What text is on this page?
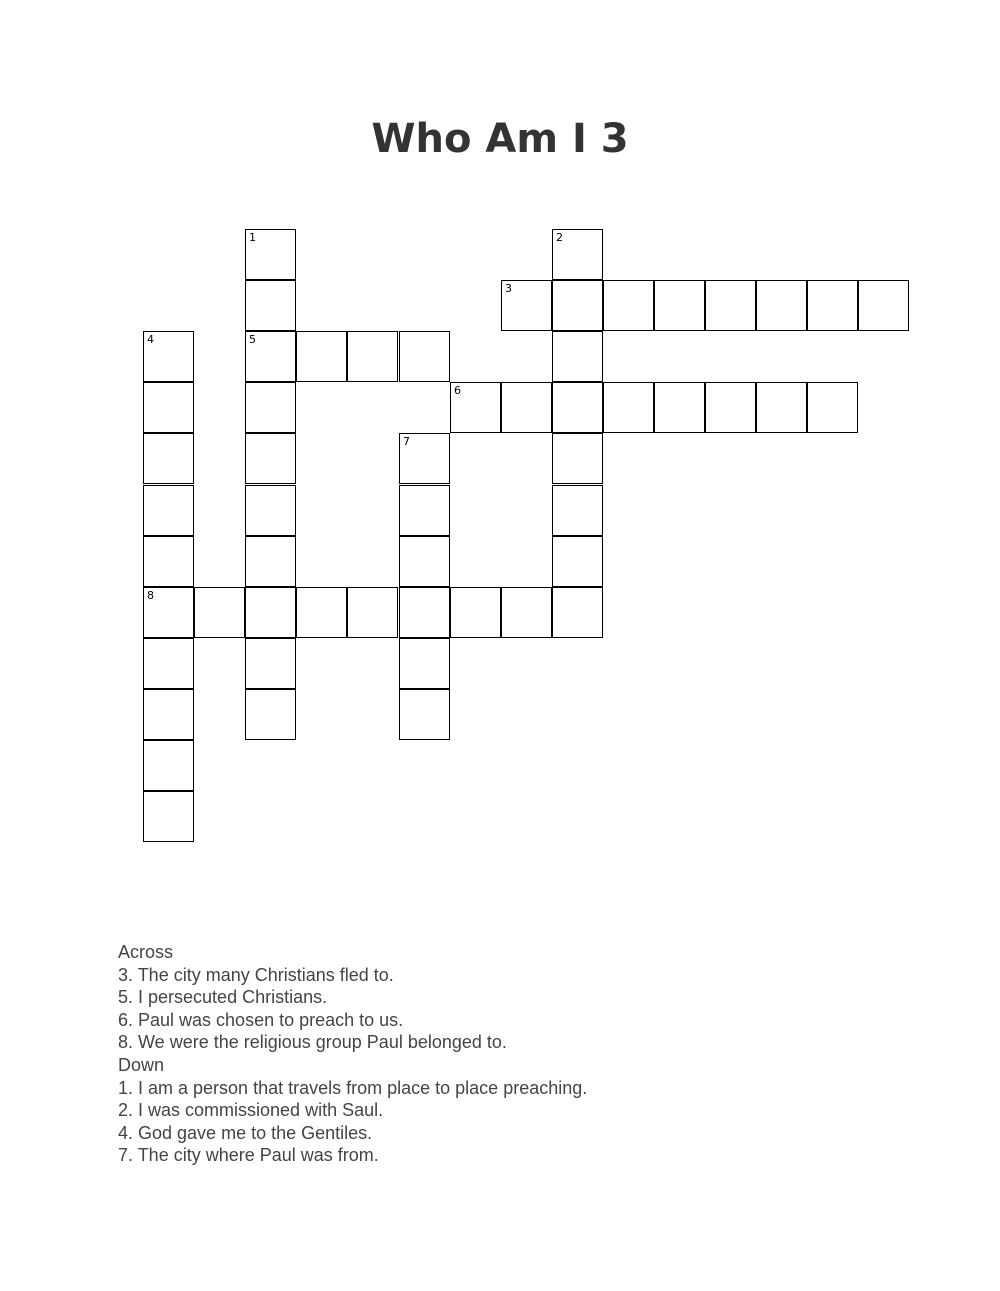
Who Am I 3
1	2
3
4	5
6
7
8
Across
3. The city many Christians fled to.
5. I persecuted Christians.
6. Paul was chosen to preach to us.
8. We were the religious group Paul belonged to.
Down
1. I am a person that travels from place to place preaching.
2. I was commissioned with Saul.
4. God gave me to the Gentiles.
7. The city where Paul was from.
